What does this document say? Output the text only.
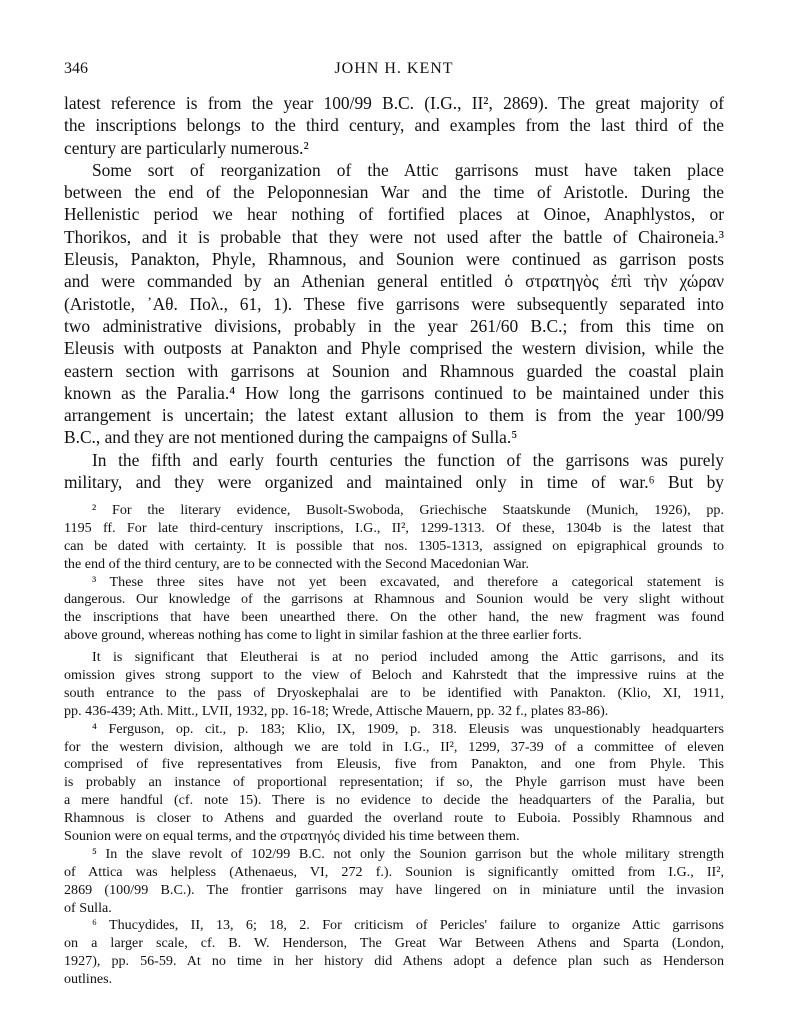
346	JOHN H. KENT
latest reference is from the year 100/99 B.C. (I.G., II², 2869). The great majority of
the inscriptions belongs to the third century, and examples from the last third of the
century are particularly numerous.²
Some sort of reorganization of the Attic garrisons must have taken place
between the end of the Peloponnesian War and the time of Aristotle. During the
Hellenistic period we hear nothing of fortified places at Oinoe, Anaphlystos, or
Thorikos, and it is probable that they were not used after the battle of Chaironeia.³
Eleusis, Panakton, Phyle, Rhamnous, and Sounion were continued as garrison posts
and were commanded by an Athenian general entitled ὁ στρατηγὸς ἐπὶ τὴν χώραν
(Aristotle, ᾿Αθ. Πολ., 61, 1). These five garrisons were subsequently separated into
two administrative divisions, probably in the year 261/60 B.C.; from this time on
Eleusis with outposts at Panakton and Phyle comprised the western division, while the
eastern section with garrisons at Sounion and Rhamnous guarded the coastal plain
known as the Paralia.⁴ How long the garrisons continued to be maintained under this
arrangement is uncertain; the latest extant allusion to them is from the year 100/99
B.C., and they are not mentioned during the campaigns of Sulla.⁵
In the fifth and early fourth centuries the function of the garrisons was purely
military, and they were organized and maintained only in time of war.⁶ But by
² For the literary evidence, Busolt-Swoboda, Griechische Staatskunde (Munich, 1926), pp.
1195 ff. For late third-century inscriptions, I.G., II², 1299-1313. Of these, 1304b is the latest that
can be dated with certainty. It is possible that nos. 1305-1313, assigned on epigraphical grounds to
the end of the third century, are to be connected with the Second Macedonian War.
³ These three sites have not yet been excavated, and therefore a categorical statement is
dangerous. Our knowledge of the garrisons at Rhamnous and Sounion would be very slight without
the inscriptions that have been unearthed there. On the other hand, the new fragment was found
above ground, whereas nothing has come to light in similar fashion at the three earlier forts.
It is significant that Eleutherai is at no period included among the Attic garrisons, and its
omission gives strong support to the view of Beloch and Kahrstedt that the impressive ruins at the
south entrance to the pass of Dryoskephalai are to be identified with Panakton. (Klio, XI, 1911,
pp. 436-439; Ath. Mitt., LVII, 1932, pp. 16-18; Wrede, Attische Mauern, pp. 32 f., plates 83-86).
⁴ Ferguson, op. cit., p. 183; Klio, IX, 1909, p. 318. Eleusis was unquestionably headquarters
for the western division, although we are told in I.G., II², 1299, 37-39 of a committee of eleven
comprised of five representatives from Eleusis, five from Panakton, and one from Phyle. This
is probably an instance of proportional representation; if so, the Phyle garrison must have been
a mere handful (cf. note 15). There is no evidence to decide the headquarters of the Paralia, but
Rhamnous is closer to Athens and guarded the overland route to Euboia. Possibly Rhamnous and
Sounion were on equal terms, and the στρατηγός divided his time between them.
⁵ In the slave revolt of 102/99 B.C. not only the Sounion garrison but the whole military strength
of Attica was helpless (Athenaeus, VI, 272 f.). Sounion is significantly omitted from I.G., II²,
2869 (100/99 B.C.). The frontier garrisons may have lingered on in miniature until the invasion
of Sulla.
⁶ Thucydides, II, 13, 6; 18, 2. For criticism of Pericles' failure to organize Attic garrisons
on a larger scale, cf. B. W. Henderson, The Great War Between Athens and Sparta (London,
1927), pp. 56-59. At no time in her history did Athens adopt a defence plan such as Henderson
outlines.
